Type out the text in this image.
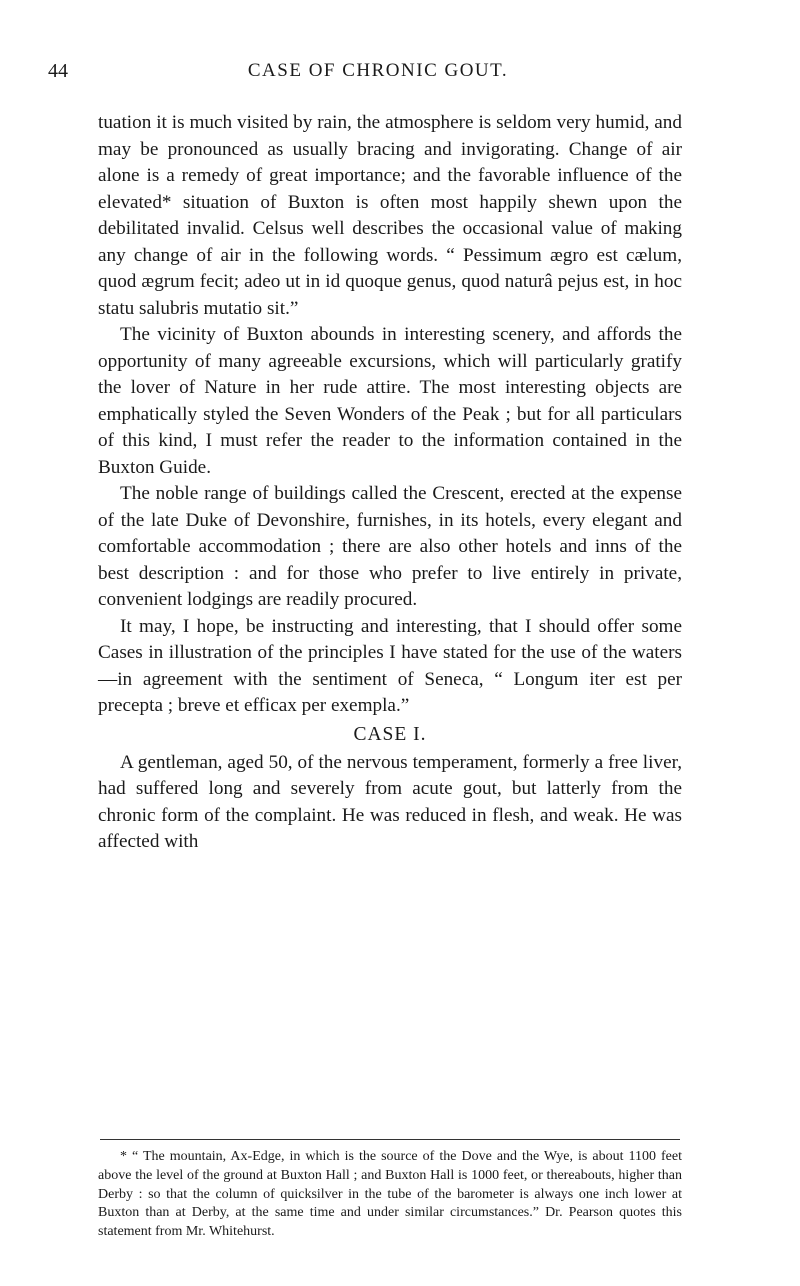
44	CASE OF CHRONIC GOUT.

tuation it is much visited by rain, the atmosphere is seldom very humid, and may be pronounced as usually bracing and invigorating. Change of air alone is a remedy of great importance; and the favorable influence of the elevated* situation of Buxton is often most happily shewn upon the debilitated invalid. Celsus well describes the occasional value of making any change of air in the following words. “ Pessimum ægro est cælum, quod ægrum fecit; adeo ut in id quoque genus, quod naturâ pejus est, in hoc statu salubris mutatio sit.”

The vicinity of Buxton abounds in interesting scenery, and affords the opportunity of many agreeable excursions, which will particularly gratify the lover of Nature in her rude attire. The most interesting objects are emphatically styled the Seven Wonders of the Peak ; but for all particulars of this kind, I must refer the reader to the information contained in the Buxton Guide.

The noble range of buildings called the Crescent, erected at the expense of the late Duke of Devonshire, furnishes, in its hotels, every elegant and comfortable accommodation ; there are also other hotels and inns of the best description : and for those who prefer to live entirely in private, convenient lodgings are readily procured.

It may, I hope, be instructing and interesting, that I should offer some Cases in illustration of the principles I have stated for the use of the waters—in agreement with the sentiment of Seneca, “ Longum iter est per precepta ; breve et efficax per exempla.”

CASE I.

A gentleman, aged 50, of the nervous temperament, formerly a free liver, had suffered long and severely from acute gout, but latterly from the chronic form of the complaint. He was reduced in flesh, and weak. He was affected with

* “ The mountain, Ax-Edge, in which is the source of the Dove and the Wye, is about 1100 feet above the level of the ground at Buxton Hall ; and Buxton Hall is 1000 feet, or thereabouts, higher than Derby : so that the column of quicksilver in the tube of the barometer is always one inch lower at Buxton than at Derby, at the same time and under similar circumstances.” Dr. Pearson quotes this statement from Mr. Whitehurst.
